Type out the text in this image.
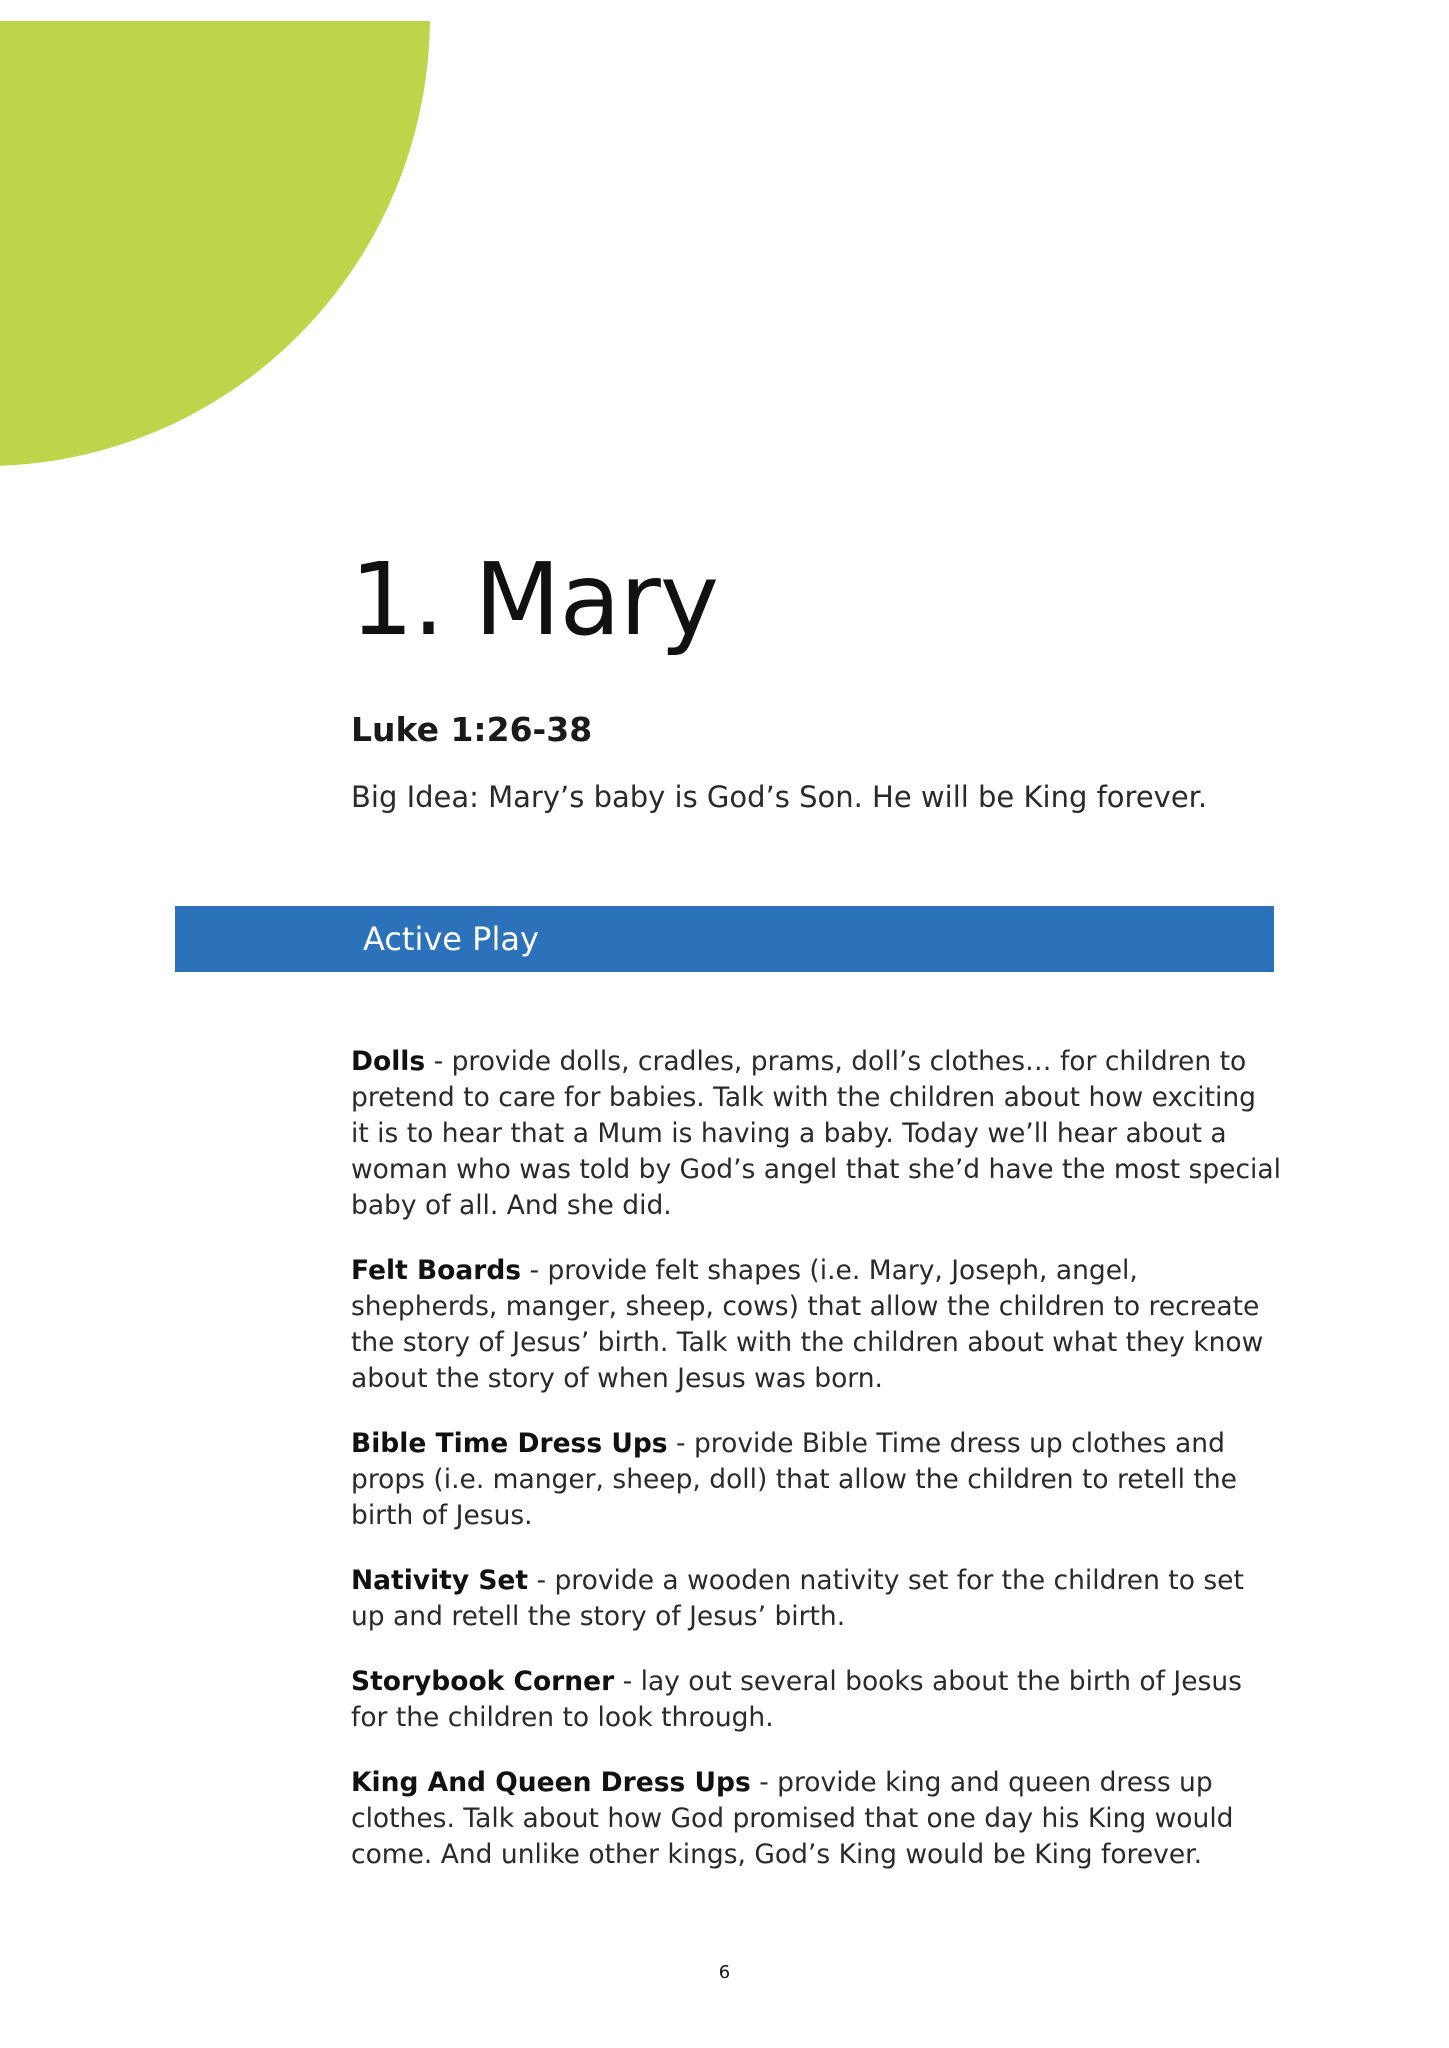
1. Mary

Luke 1:26-38

Big Idea: Mary’s baby is God’s Son. He will be King forever.

Active Play

Dolls - provide dolls, cradles, prams, doll’s clothes… for children to pretend to care for babies. Talk with the children about how exciting it is to hear that a Mum is having a baby. Today we’ll hear about a woman who was told by God’s angel that she’d have the most special baby of all. And she did.

Felt Boards - provide felt shapes (i.e. Mary, Joseph, angel, shepherds, manger, sheep, cows) that allow the children to recreate the story of Jesus’ birth. Talk with the children about what they know about the story of when Jesus was born.

Bible Time Dress Ups - provide Bible Time dress up clothes and props (i.e. manger, sheep, doll) that allow the children to retell the birth of Jesus.

Nativity Set - provide a wooden nativity set for the children to set up and retell the story of Jesus’ birth.

Storybook Corner - lay out several books about the birth of Jesus for the children to look through.

King And Queen Dress Ups - provide king and queen dress up clothes. Talk about how God promised that one day his King would come. And unlike other kings, God’s King would be King forever.

6
